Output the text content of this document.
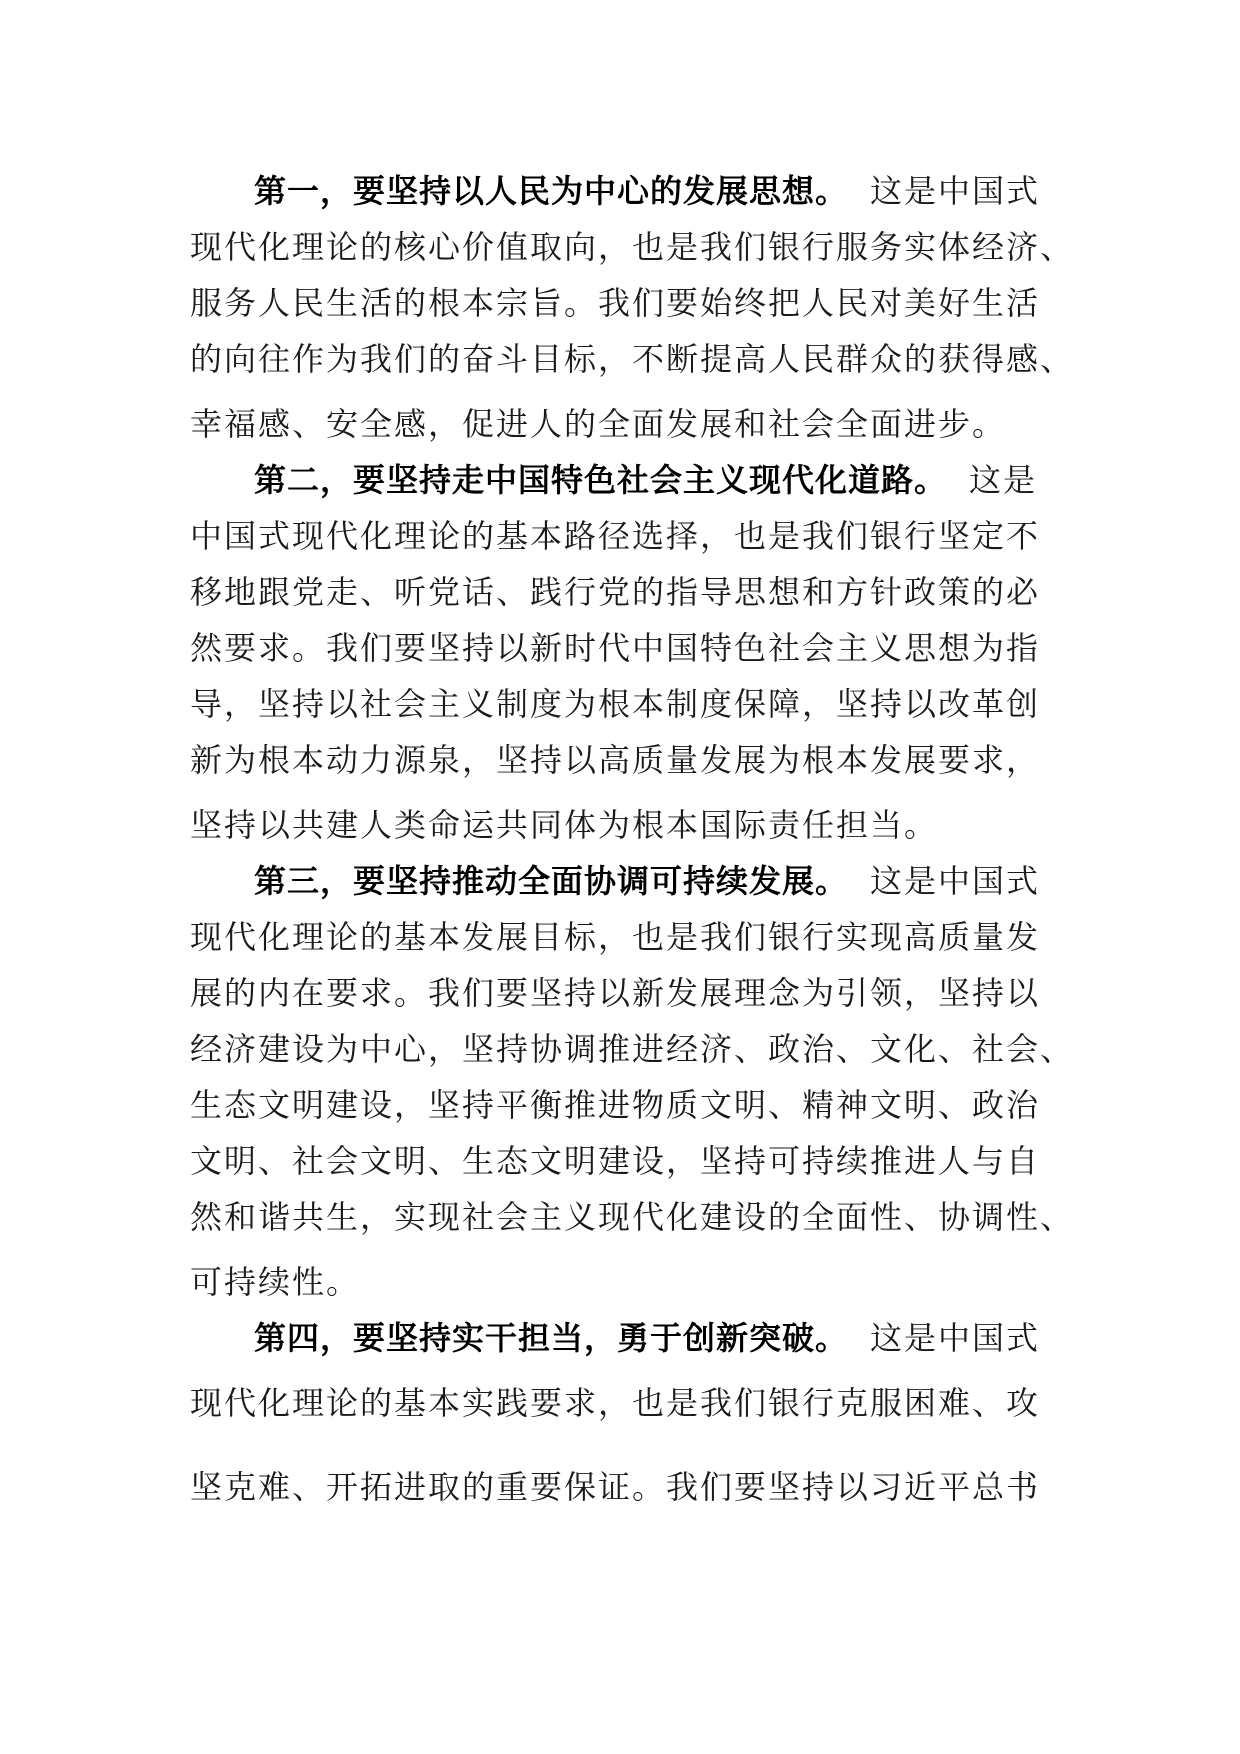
第一，要坚持以人民为中心的发展思想。 这是中国式
现代化理论的核心价值取向，也是我们银行服务实体经济、
服务人民生活的根本宗旨。我们要始终把人民对美好生活
的向往作为我们的奋斗目标，不断提高人民群众的获得感、
幸福感、安全感，促进人的全面发展和社会全面进步。
第二，要坚持走中国特色社会主义现代化道路。 这是
中国式现代化理论的基本路径选择，也是我们银行坚定不
移地跟党走、听党话、践行党的指导思想和方针政策的必
然要求。我们要坚持以新时代中国特色社会主义思想为指
导，坚持以社会主义制度为根本制度保障，坚持以改革创
新为根本动力源泉，坚持以高质量发展为根本发展要求，
坚持以共建人类命运共同体为根本国际责任担当。
第三，要坚持推动全面协调可持续发展。 这是中国式
现代化理论的基本发展目标，也是我们银行实现高质量发
展的内在要求。我们要坚持以新发展理念为引领，坚持以
经济建设为中心，坚持协调推进经济、政治、文化、社会、
生态文明建设，坚持平衡推进物质文明、精神文明、政治
文明、社会文明、生态文明建设，坚持可持续推进人与自
然和谐共生，实现社会主义现代化建设的全面性、协调性、
可持续性。
第四，要坚持实干担当，勇于创新突破。 这是中国式
现代化理论的基本实践要求，也是我们银行克服困难、攻
坚克难、开拓进取的重要保证。我们要坚持以习近平总书
